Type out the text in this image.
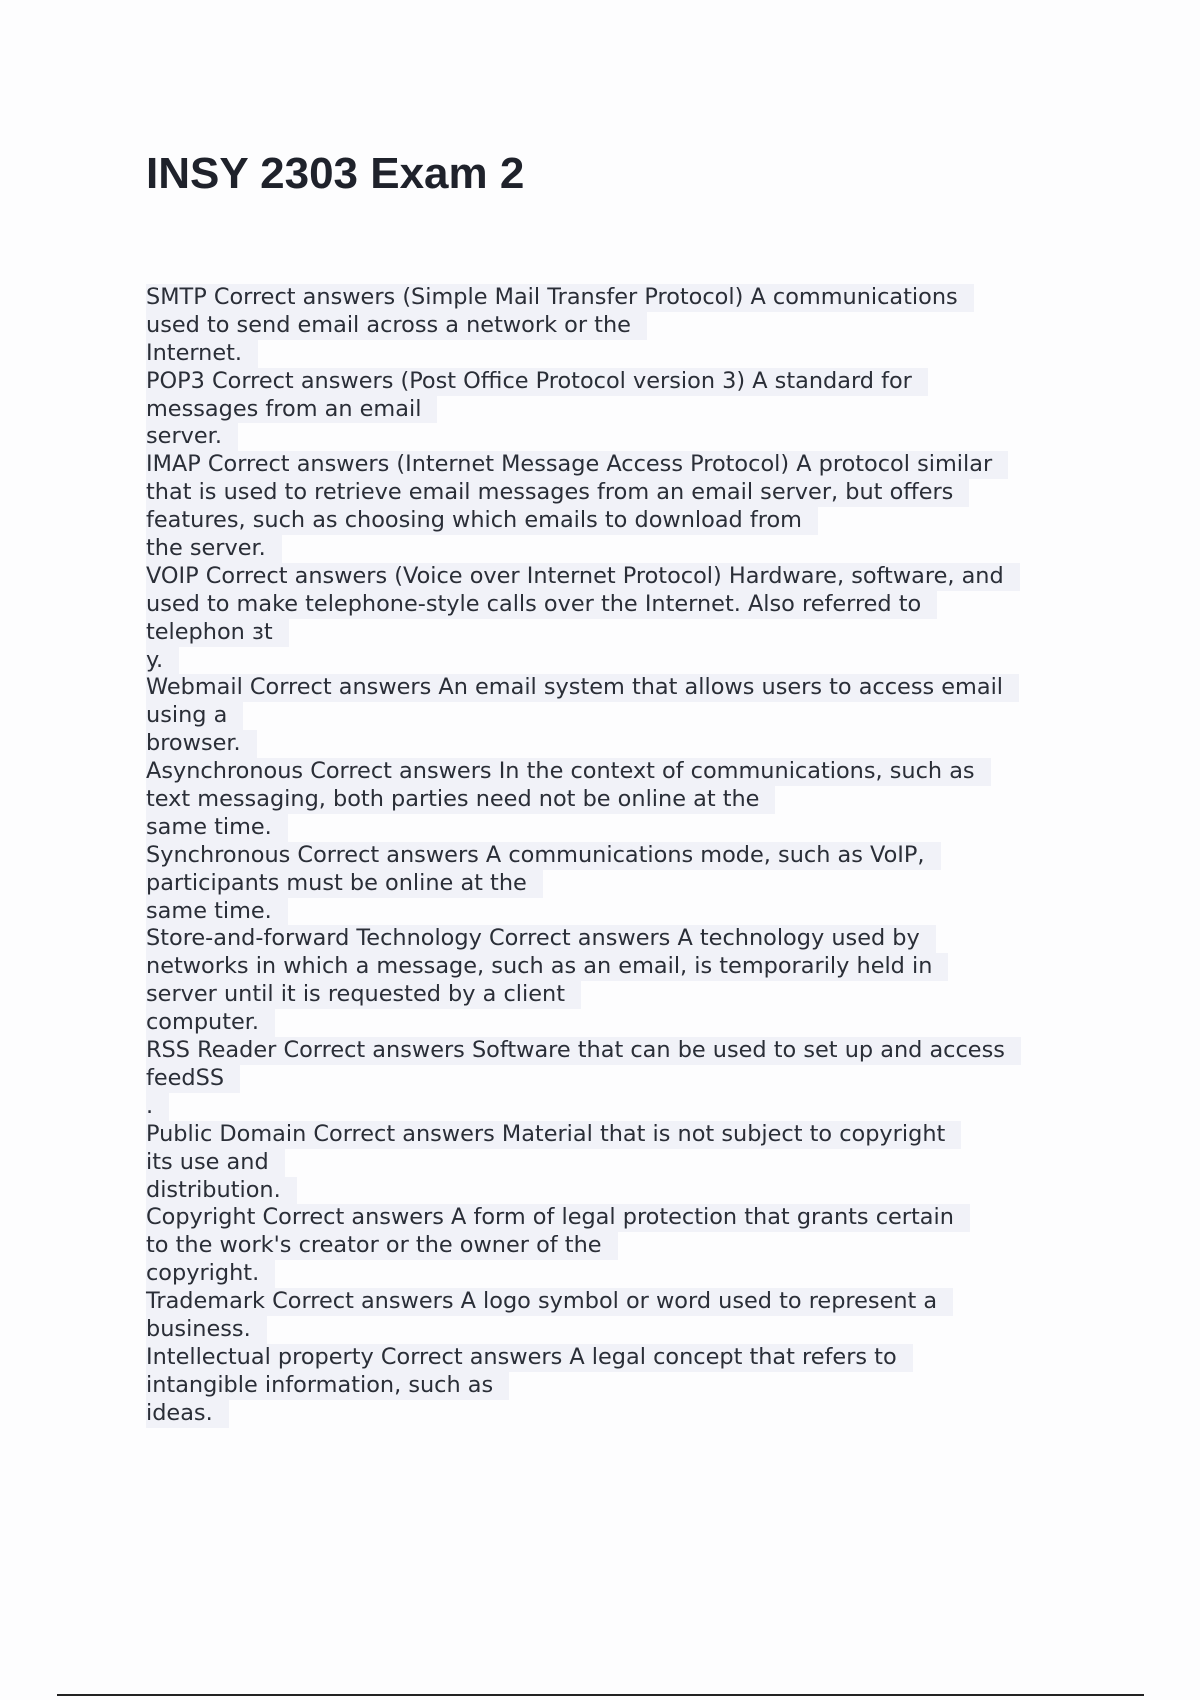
INSY 2303 Exam 2
SMTP Correct answers (Simple Mail Transfer Protocol) A communications
used to send email across a network or the
Internet.
POP3 Correct answers (Post Office Protocol version 3) A standard for
messages from an email
server.
IMAP Correct answers (Internet Message Access Protocol) A protocol similar
that is used to retrieve email messages from an email server, but offers
features, such as choosing which emails to download from
the server.
VOIP Correct answers (Voice over Internet Protocol) Hardware, software, and
used to make telephone-style calls over the Internet. Also referred to
telephon ɜt
y.
Webmail Correct answers An email system that allows users to access email
using a
browser.
Asynchronous Correct answers In the context of communications, such as
text messaging, both parties need not be online at the
same time.
Synchronous Correct answers A communications mode, such as VoIP,
participants must be online at the
same time.
Store-and-forward Technology Correct answers A technology used by
networks in which a message, such as an email, is temporarily held in
server until it is requested by a client
computer.
RSS Reader Correct answers Software that can be used to set up and access
feedSS
.
Public Domain Correct answers Material that is not subject to copyright
its use and
distribution.
Copyright Correct answers A form of legal protection that grants certain
to the work's creator or the owner of the
copyright.
Trademark Correct answers A logo symbol or word used to represent a
business.
Intellectual property Correct answers A legal concept that refers to
intangible information, such as
ideas.
